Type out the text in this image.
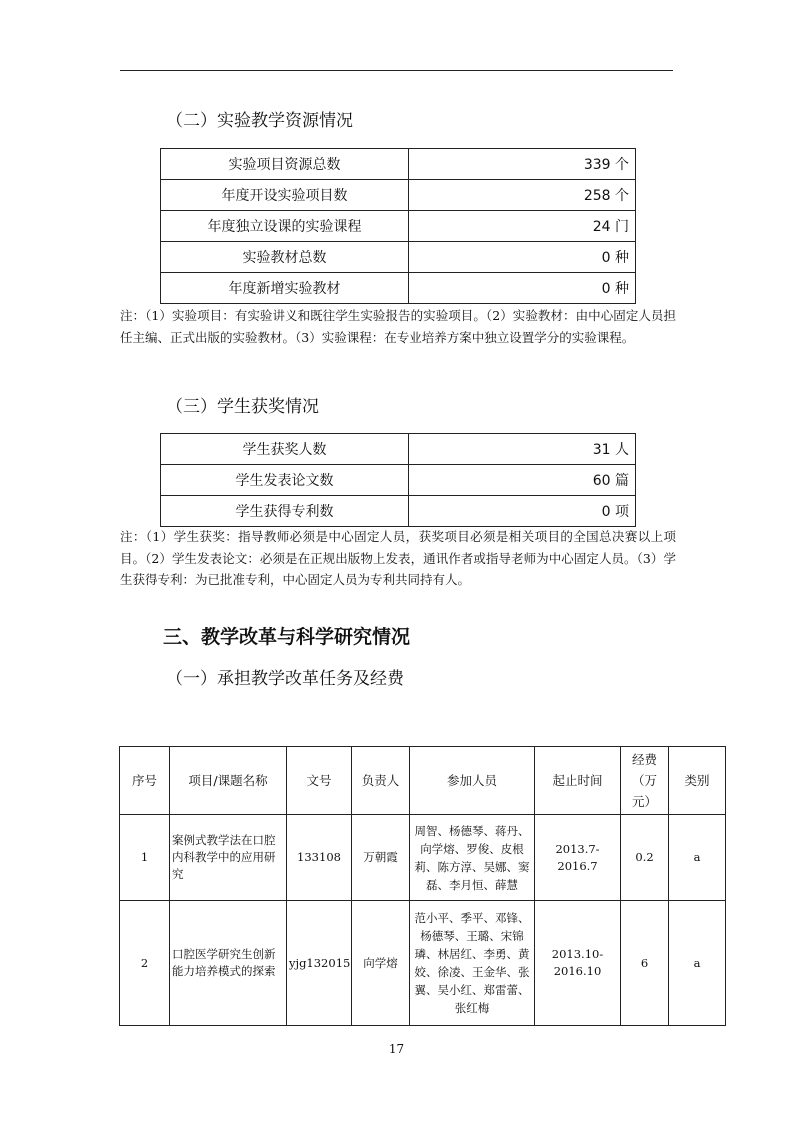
（二）实验教学资源情况
实验项目资源总数	339 个
年度开设实验项目数	258 个
年度独立设课的实验课程	24 门
实验教材总数	0 种
年度新增实验教材	0 种
注：（1）实验项目：有实验讲义和既往学生实验报告的实验项目。（2）实验教材：由中心固定人员担任主编、正式出版的实验教材。（3）实验课程：在专业培养方案中独立设置学分的实验课程。
（三）学生获奖情况
学生获奖人数	31 人
学生发表论文数	60 篇
学生获得专利数	0 项
注：（1）学生获奖：指导教师必须是中心固定人员，获奖项目必须是相关项目的全国总决赛以上项目。（2）学生发表论文：必须是在正规出版物上发表，通讯作者或指导老师为中心固定人员。（3）学生获得专利：为已批准专利，中心固定人员为专利共同持有人。
三、教学改革与科学研究情况
（一）承担教学改革任务及经费
序号	项目/课题名称	文号	负责人	参加人员	起止时间	经费（万元）	类别
1	案例式教学法在口腔内科教学中的应用研究	133108	万朝霞	周智、杨德琴、蒋丹、向学熔、罗俊、皮根莉、陈方淳、吴娜、窦磊、李月恒、薛慧	2013.7-2016.7	0.2	a
2	口腔医学研究生创新能力培养模式的探索	yjg132015	向学熔	范小平、季平、邓锋、杨德琴、王璐、宋锦璘、林居红、李勇、黄姣、徐凌、王金华、张翼、吴小红、郑雷蕾、张红梅	2013.10-2016.10	6	a
17
